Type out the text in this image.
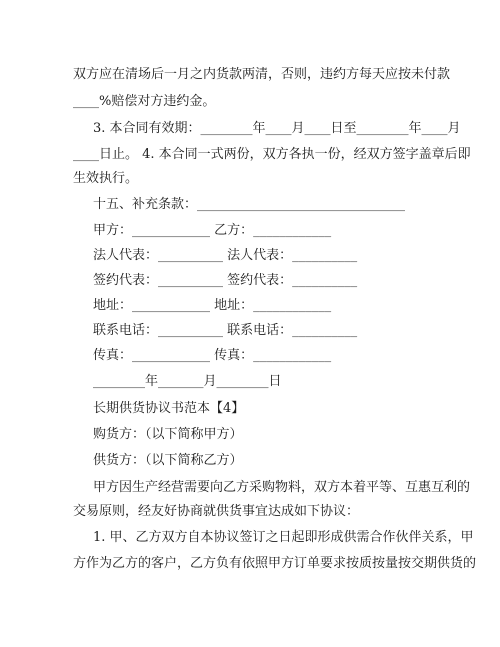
双方应在清场后一月之内货款两清，否则，违约方每天应按未付款
____%赔偿对方违约金。
3. 本合同有效期：________年____月____日至________年____月
____日止。 4. 本合同一式两份，双方各执一份，经双方签字盖章后即
生效执行。
十五、补充条款：________________________________
甲方：____________ 乙方：____________
法人代表：__________ 法人代表：__________
签约代表：__________ 签约代表：__________
地址：____________ 地址：____________
联系电话：__________ 联系电话：__________
传真：____________ 传真：____________
________年_______月________日
长期供货协议书范本【4】
购货方：（以下简称甲方）
供货方：（以下简称乙方）
甲方因生产经营需要向乙方采购物料，双方本着平等、互惠互利的
交易原则，经友好协商就供货事宜达成如下协议：
1. 甲、乙方双方自本协议签订之日起即形成供需合作伙伴关系，甲
方作为乙方的客户，乙方负有依照甲方订单要求按质按量按交期供货的
